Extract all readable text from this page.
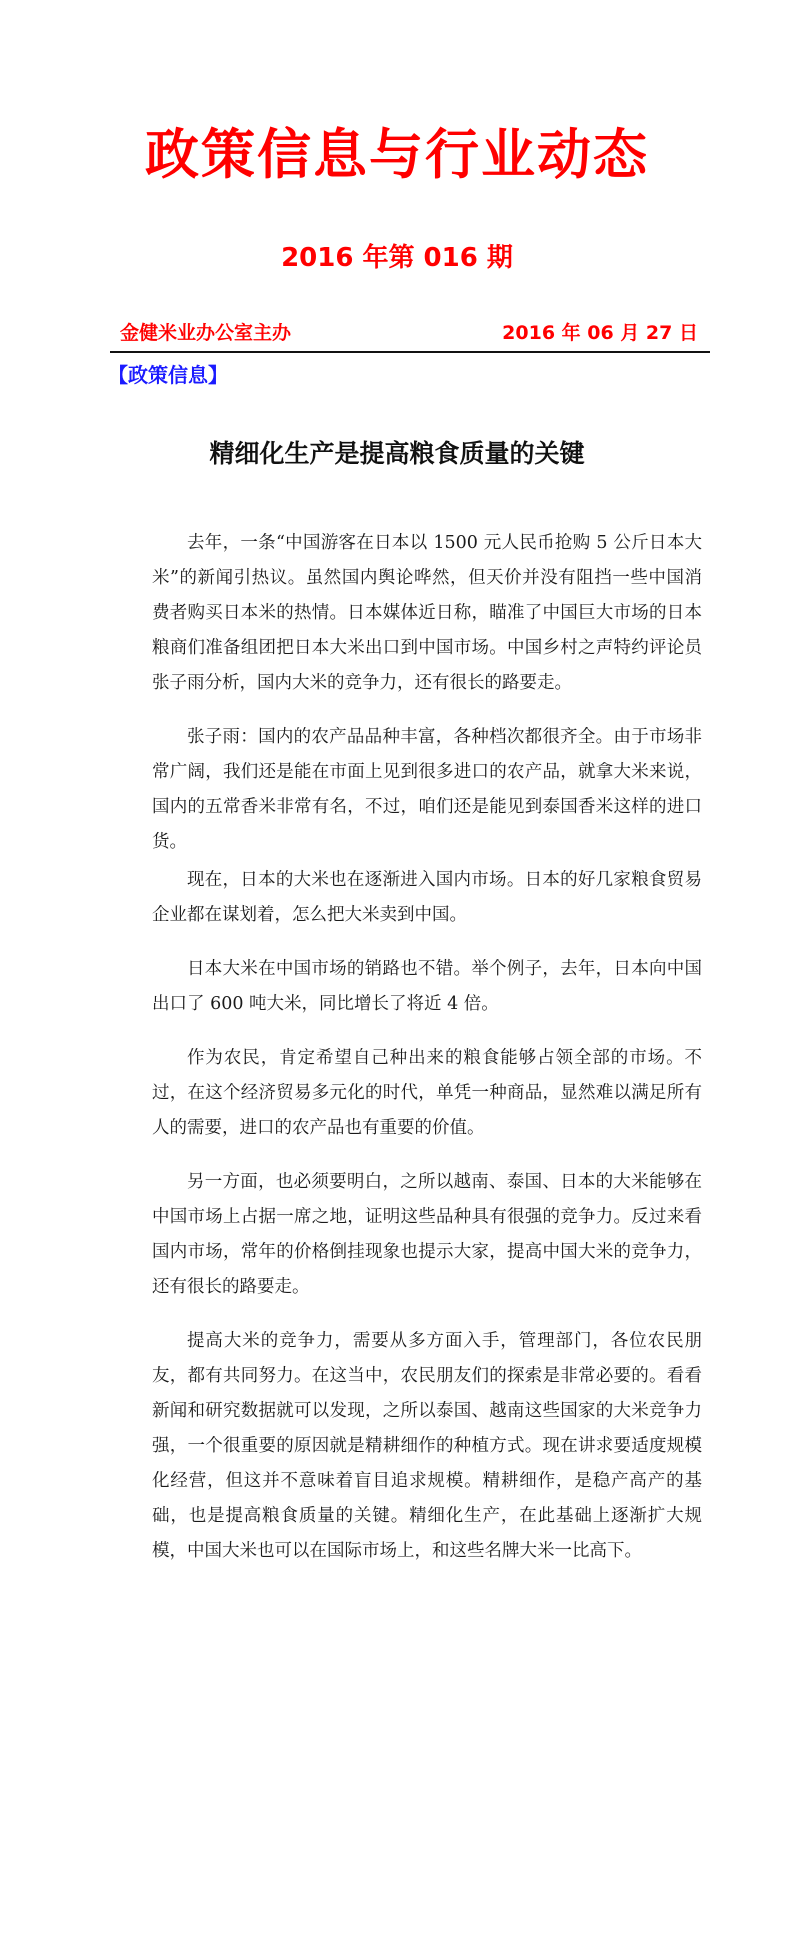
政策信息与行业动态
2016 年第 016 期
金健米业办公室主办	2016 年 06 月 27 日
【政策信息】
精细化生产是提高粮食质量的关键

去年，一条“中国游客在日本以 1500 元人民币抢购 5 公斤日本大米”的新闻引热议。虽然国内舆论哗然，但天价并没有阻挡一些中国消费者购买日本米的热情。日本媒体近日称，瞄准了中国巨大市场的日本粮商们准备组团把日本大米出口到中国市场。中国乡村之声特约评论员张子雨分析，国内大米的竞争力，还有很长的路要走。

张子雨：国内的农产品品种丰富，各种档次都很齐全。由于市场非常广阔，我们还是能在市面上见到很多进口的农产品，就拿大米来说，国内的五常香米非常有名，不过，咱们还是能见到泰国香米这样的进口货。

现在，日本的大米也在逐渐进入国内市场。日本的好几家粮食贸易企业都在谋划着，怎么把大米卖到中国。

日本大米在中国市场的销路也不错。举个例子，去年，日本向中国出口了 600 吨大米，同比增长了将近 4 倍。

作为农民，肯定希望自己种出来的粮食能够占领全部的市场。不过，在这个经济贸易多元化的时代，单凭一种商品，显然难以满足所有人的需要，进口的农产品也有重要的价值。

另一方面，也必须要明白，之所以越南、泰国、日本的大米能够在中国市场上占据一席之地，证明这些品种具有很强的竞争力。反过来看国内市场，常年的价格倒挂现象也提示大家，提高中国大米的竞争力，还有很长的路要走。

提高大米的竞争力，需要从多方面入手，管理部门，各位农民朋友，都有共同努力。在这当中，农民朋友们的探索是非常必要的。看看新闻和研究数据就可以发现，之所以泰国、越南这些国家的大米竞争力强，一个很重要的原因就是精耕细作的种植方式。现在讲求要适度规模化经营，但这并不意味着盲目追求规模。精耕细作，是稳产高产的基础，也是提高粮食质量的关键。精细化生产，在此基础上逐渐扩大规模，中国大米也可以在国际市场上，和这些名牌大米一比高下。
